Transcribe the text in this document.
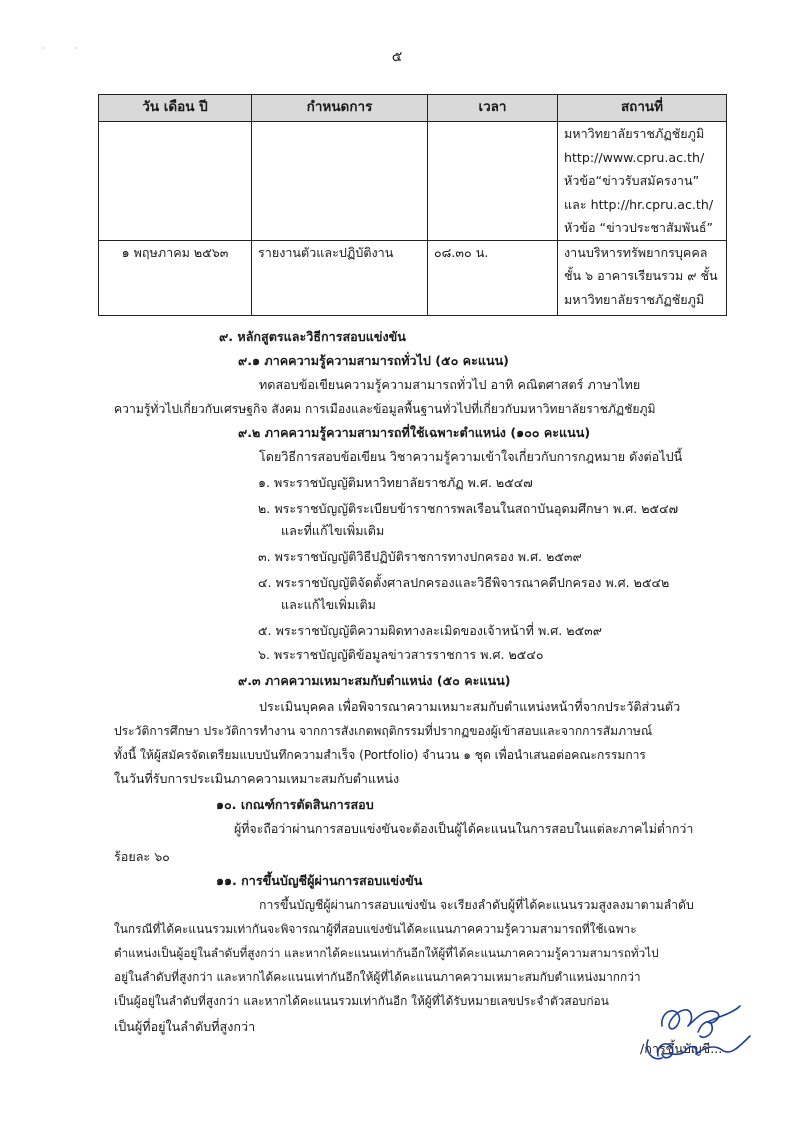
· ·
๕
วัน เดือน ปี	กำหนดการ	เวลา	สถานที่

			มหาวิทยาลัยราชภัฏชัยภูมิ
http://www.cpru.ac.th/
หัวข้อ“ข่าวรับสมัครงาน”
และ http://hr.cpru.ac.th/
หัวข้อ “ข่าวประชาสัมพันธ์”

๑ พฤษภาคม ๒๕๖๓	รายงานตัวและปฏิบัติงาน	๐๘.๓๐ น.	งานบริหารทรัพยากรบุคคล
ชั้น ๖ อาคารเรียนรวม ๙ ชั้น
มหาวิทยาลัยราชภัฏชัยภูมิ
๙. หลักสูตรและวิธีการสอบแข่งขัน
๙.๑ ภาคความรู้ความสามารถทั่วไป (๕๐ คะแนน)
ทดสอบข้อเขียนความรู้ความสามารถทั่วไป อาทิ คณิตศาสตร์ ภาษาไทย
ความรู้ทั่วไปเกี่ยวกับเศรษฐกิจ สังคม การเมืองและข้อมูลพื้นฐานทั่วไปที่เกี่ยวกับมหาวิทยาลัยราชภัฏชัยภูมิ
๙.๒ ภาคความรู้ความสามารถที่ใช้เฉพาะตำแหน่ง (๑๐๐ คะแนน)
โดยวิธีการสอบข้อเขียน วิชาความรู้ความเข้าใจเกี่ยวกับการกฎหมาย ดังต่อไปนี้
๑. พระราชบัญญัติมหาวิทยาลัยราชภัฏ พ.ศ. ๒๕๔๗
๒. พระราชบัญญัติระเบียบข้าราชการพลเรือนในสถาบันอุดมศึกษา พ.ศ. ๒๕๔๗
และที่แก้ไขเพิ่มเติม
๓. พระราชบัญญัติวิธีปฏิบัติราชการทางปกครอง พ.ศ. ๒๕๓๙
๔. พระราชบัญญัติจัดตั้งศาลปกครองและวิธีพิจารณาคดีปกครอง พ.ศ. ๒๕๔๒
และแก้ไขเพิ่มเติม
๕. พระราชบัญญัติความผิดทางละเมิดของเจ้าหน้าที่ พ.ศ. ๒๕๓๙
๖. พระราชบัญญัติข้อมูลข่าวสารราชการ พ.ศ. ๒๕๔๐
๙.๓ ภาคความเหมาะสมกับตำแหน่ง (๕๐ คะแนน)
ประเมินบุคคล เพื่อพิจารณาความเหมาะสมกับตำแหน่งหน้าที่จากประวัติส่วนตัว
ประวัติการศึกษา ประวัติการทำงาน จากการสังเกตพฤติกรรมที่ปรากฏของผู้เข้าสอบและจากการสัมภาษณ์
ทั้งนี้ ให้ผู้สมัครจัดเตรียมแบบบันทึกความสำเร็จ (Portfolio) จำนวน ๑ ชุด เพื่อนำเสนอต่อคณะกรรมการ
ในวันที่รับการประเมินภาคความเหมาะสมกับตำแหน่ง
๑๐. เกณฑ์การตัดสินการสอบ
ผู้ที่จะถือว่าผ่านการสอบแข่งขันจะต้องเป็นผู้ได้คะแนนในการสอบในแต่ละภาคไม่ต่ำกว่า
ร้อยละ ๖๐
๑๑. การขึ้นบัญชีผู้ผ่านการสอบแข่งขัน
การขึ้นบัญชีผู้ผ่านการสอบแข่งขัน จะเรียงลำดับผู้ที่ได้คะแนนรวมสูงลงมาตามลำดับ
ในกรณีที่ได้คะแนนรวมเท่ากันจะพิจารณาผู้ที่สอบแข่งขันได้คะแนนภาคความรู้ความสามารถที่ใช้เฉพาะ
ตำแหน่งเป็นผู้อยู่ในลำดับที่สูงกว่า และหากได้คะแนนเท่ากันอีกให้ผู้ที่ได้คะแนนภาคความรู้ความสามารถทั่วไป
อยู่ในลำดับที่สูงกว่า และหากได้คะแนนเท่ากันอีกให้ผู้ที่ได้คะแนนภาคความเหมาะสมกับตำแหน่งมากกว่า
เป็นผู้อยู่ในลำดับที่สูงกว่า และหากได้คะแนนรวมเท่ากันอีก ให้ผู้ที่ได้รับหมายเลขประจำตัวสอบก่อน
เป็นผู้ที่อยู่ในลำดับที่สูงกว่า
/การขึ้นบัญชี...
